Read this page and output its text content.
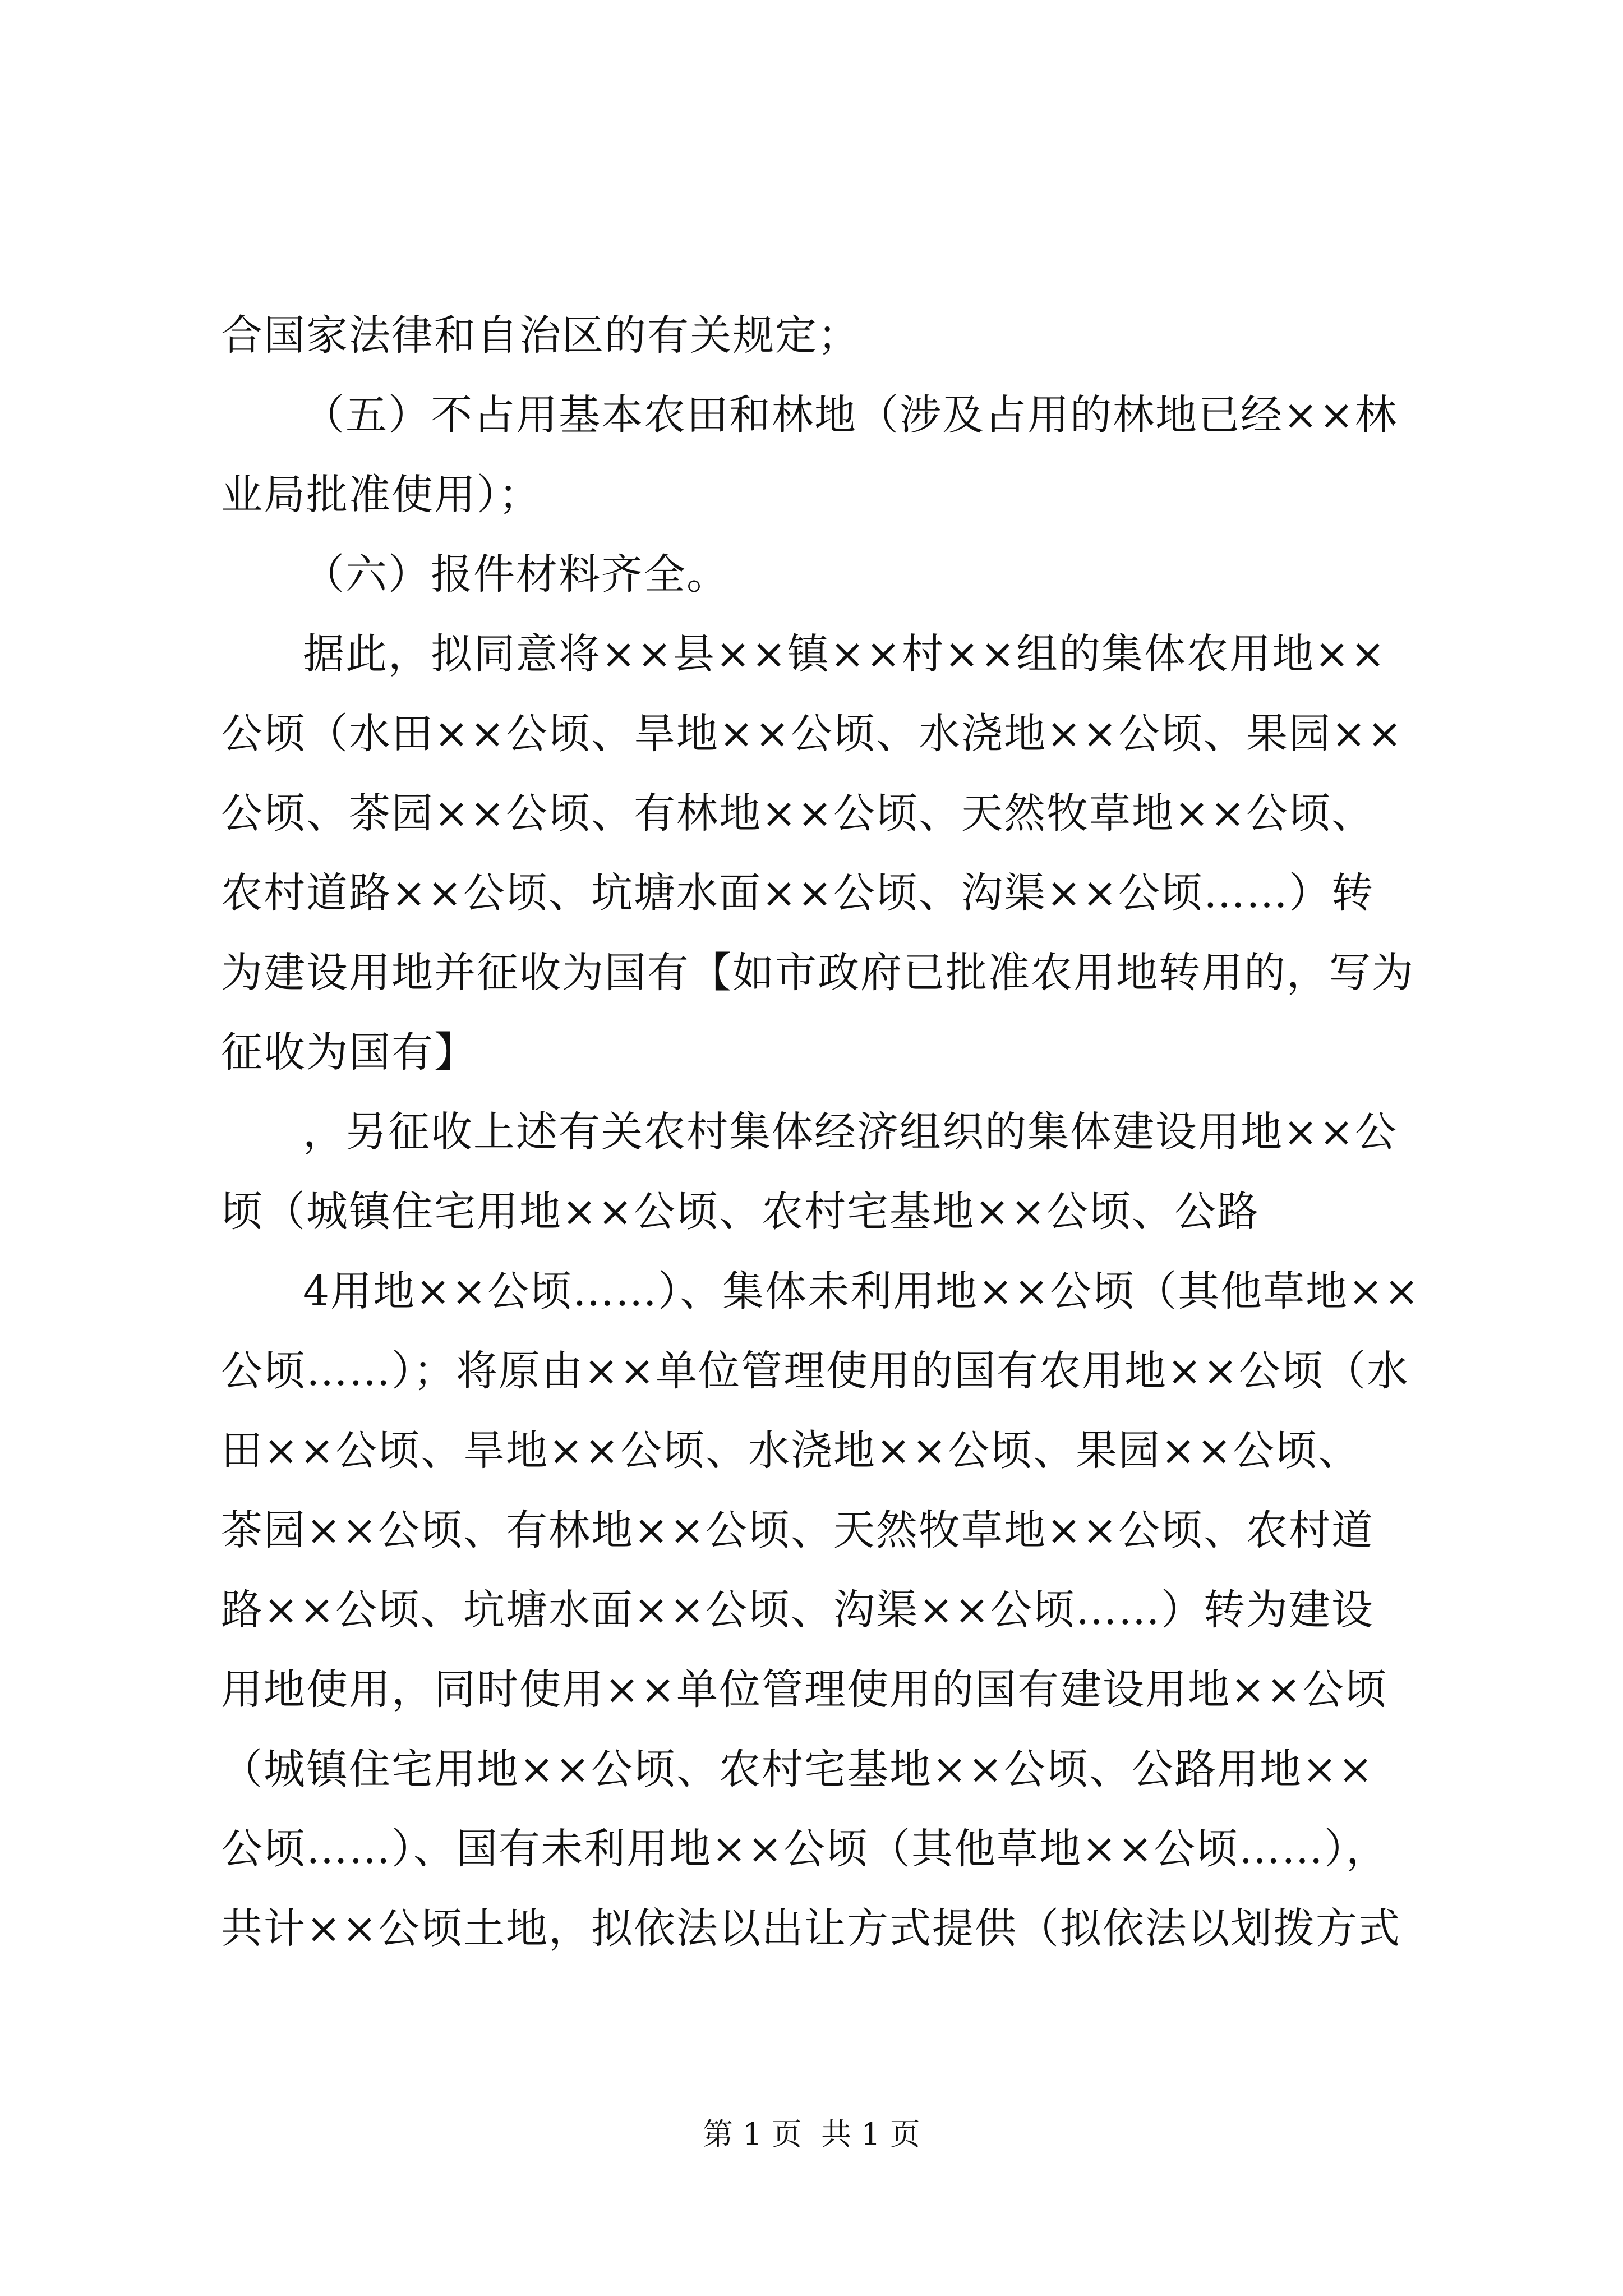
合国家法律和自治区的有关规定；
（五）不占用基本农田和林地（涉及占用的林地已经××林
业局批准使用）；
（六）报件材料齐全。
据此，拟同意将××县××镇××村××组的集体农用地××
公顷（水田××公顷、旱地××公顷、水浇地××公顷、果园××
公顷、茶园××公顷、有林地××公顷、天然牧草地××公顷、
农村道路××公顷、坑塘水面××公顷、沟渠××公顷……）转
为建设用地并征收为国有【如市政府已批准农用地转用的，写为
征收为国有】
，另征收上述有关农村集体经济组织的集体建设用地××公
顷（城镇住宅用地××公顷、农村宅基地××公顷、公路
4用地××公顷……）、集体未利用地××公顷（其他草地××
公顷……）；将原由××单位管理使用的国有农用地××公顷（水
田××公顷、旱地××公顷、水浇地××公顷、果园××公顷、
茶园××公顷、有林地××公顷、天然牧草地××公顷、农村道
路××公顷、坑塘水面××公顷、沟渠××公顷……）转为建设
用地使用，同时使用××单位管理使用的国有建设用地××公顷
（城镇住宅用地××公顷、农村宅基地××公顷、公路用地××
公顷……）、国有未利用地××公顷（其他草地××公顷……），
共计××公顷土地，拟依法以出让方式提供（拟依法以划拨方式
第 1 页  共 1 页
